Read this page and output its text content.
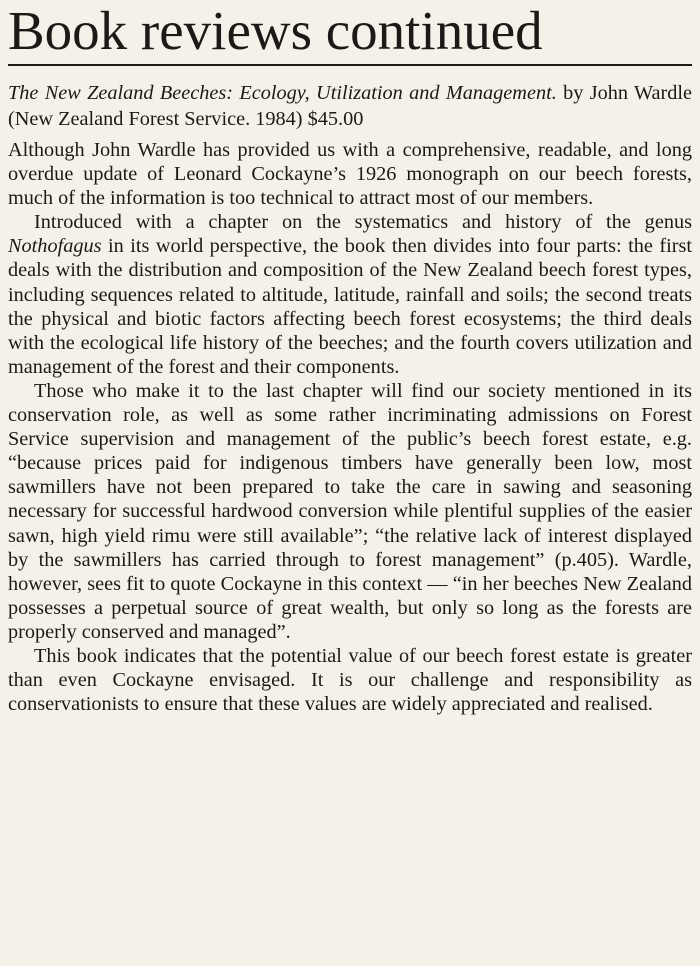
Book reviews continued

The New Zealand Beeches: Ecology, Utilization and Management. by John Wardle (New Zealand Forest Service. 1984) $45.00

Although John Wardle has provided us with a comprehensive, readable, and long overdue update of Leonard Cockayne’s 1926 monograph on our beech forests, much of the information is too technical to attract most of our members.

Introduced with a chapter on the systematics and history of the genus Nothofagus in its world perspective, the book then divides into four parts: the first deals with the distribution and composition of the New Zealand beech forest types, including sequences related to altitude, latitude, rainfall and soils; the second treats the physical and biotic factors affecting beech forest ecosystems; the third deals with the ecological life history of the beeches; and the fourth covers utilization and management of the forest and their components.

Those who make it to the last chapter will find our society mentioned in its conservation role, as well as some rather incriminating admissions on Forest Service supervision and management of the public’s beech forest estate, e.g. “because prices paid for indigenous timbers have generally been low, most sawmillers have not been prepared to take the care in sawing and seasoning necessary for successful hardwood conversion while plentiful supplies of the easier sawn, high yield rimu were still available”; “the relative lack of interest displayed by the sawmillers has carried through to forest management” (p.405). Wardle, however, sees fit to quote Cockayne in this context — “in her beeches New Zealand possesses a perpetual source of great wealth, but only so long as the forests are properly conserved and managed”.

This book indicates that the potential value of our beech forest estate is greater than even Cockayne envisaged. It is our challenge and responsibility as conservationists to ensure that these values are widely appreciated and realised.
